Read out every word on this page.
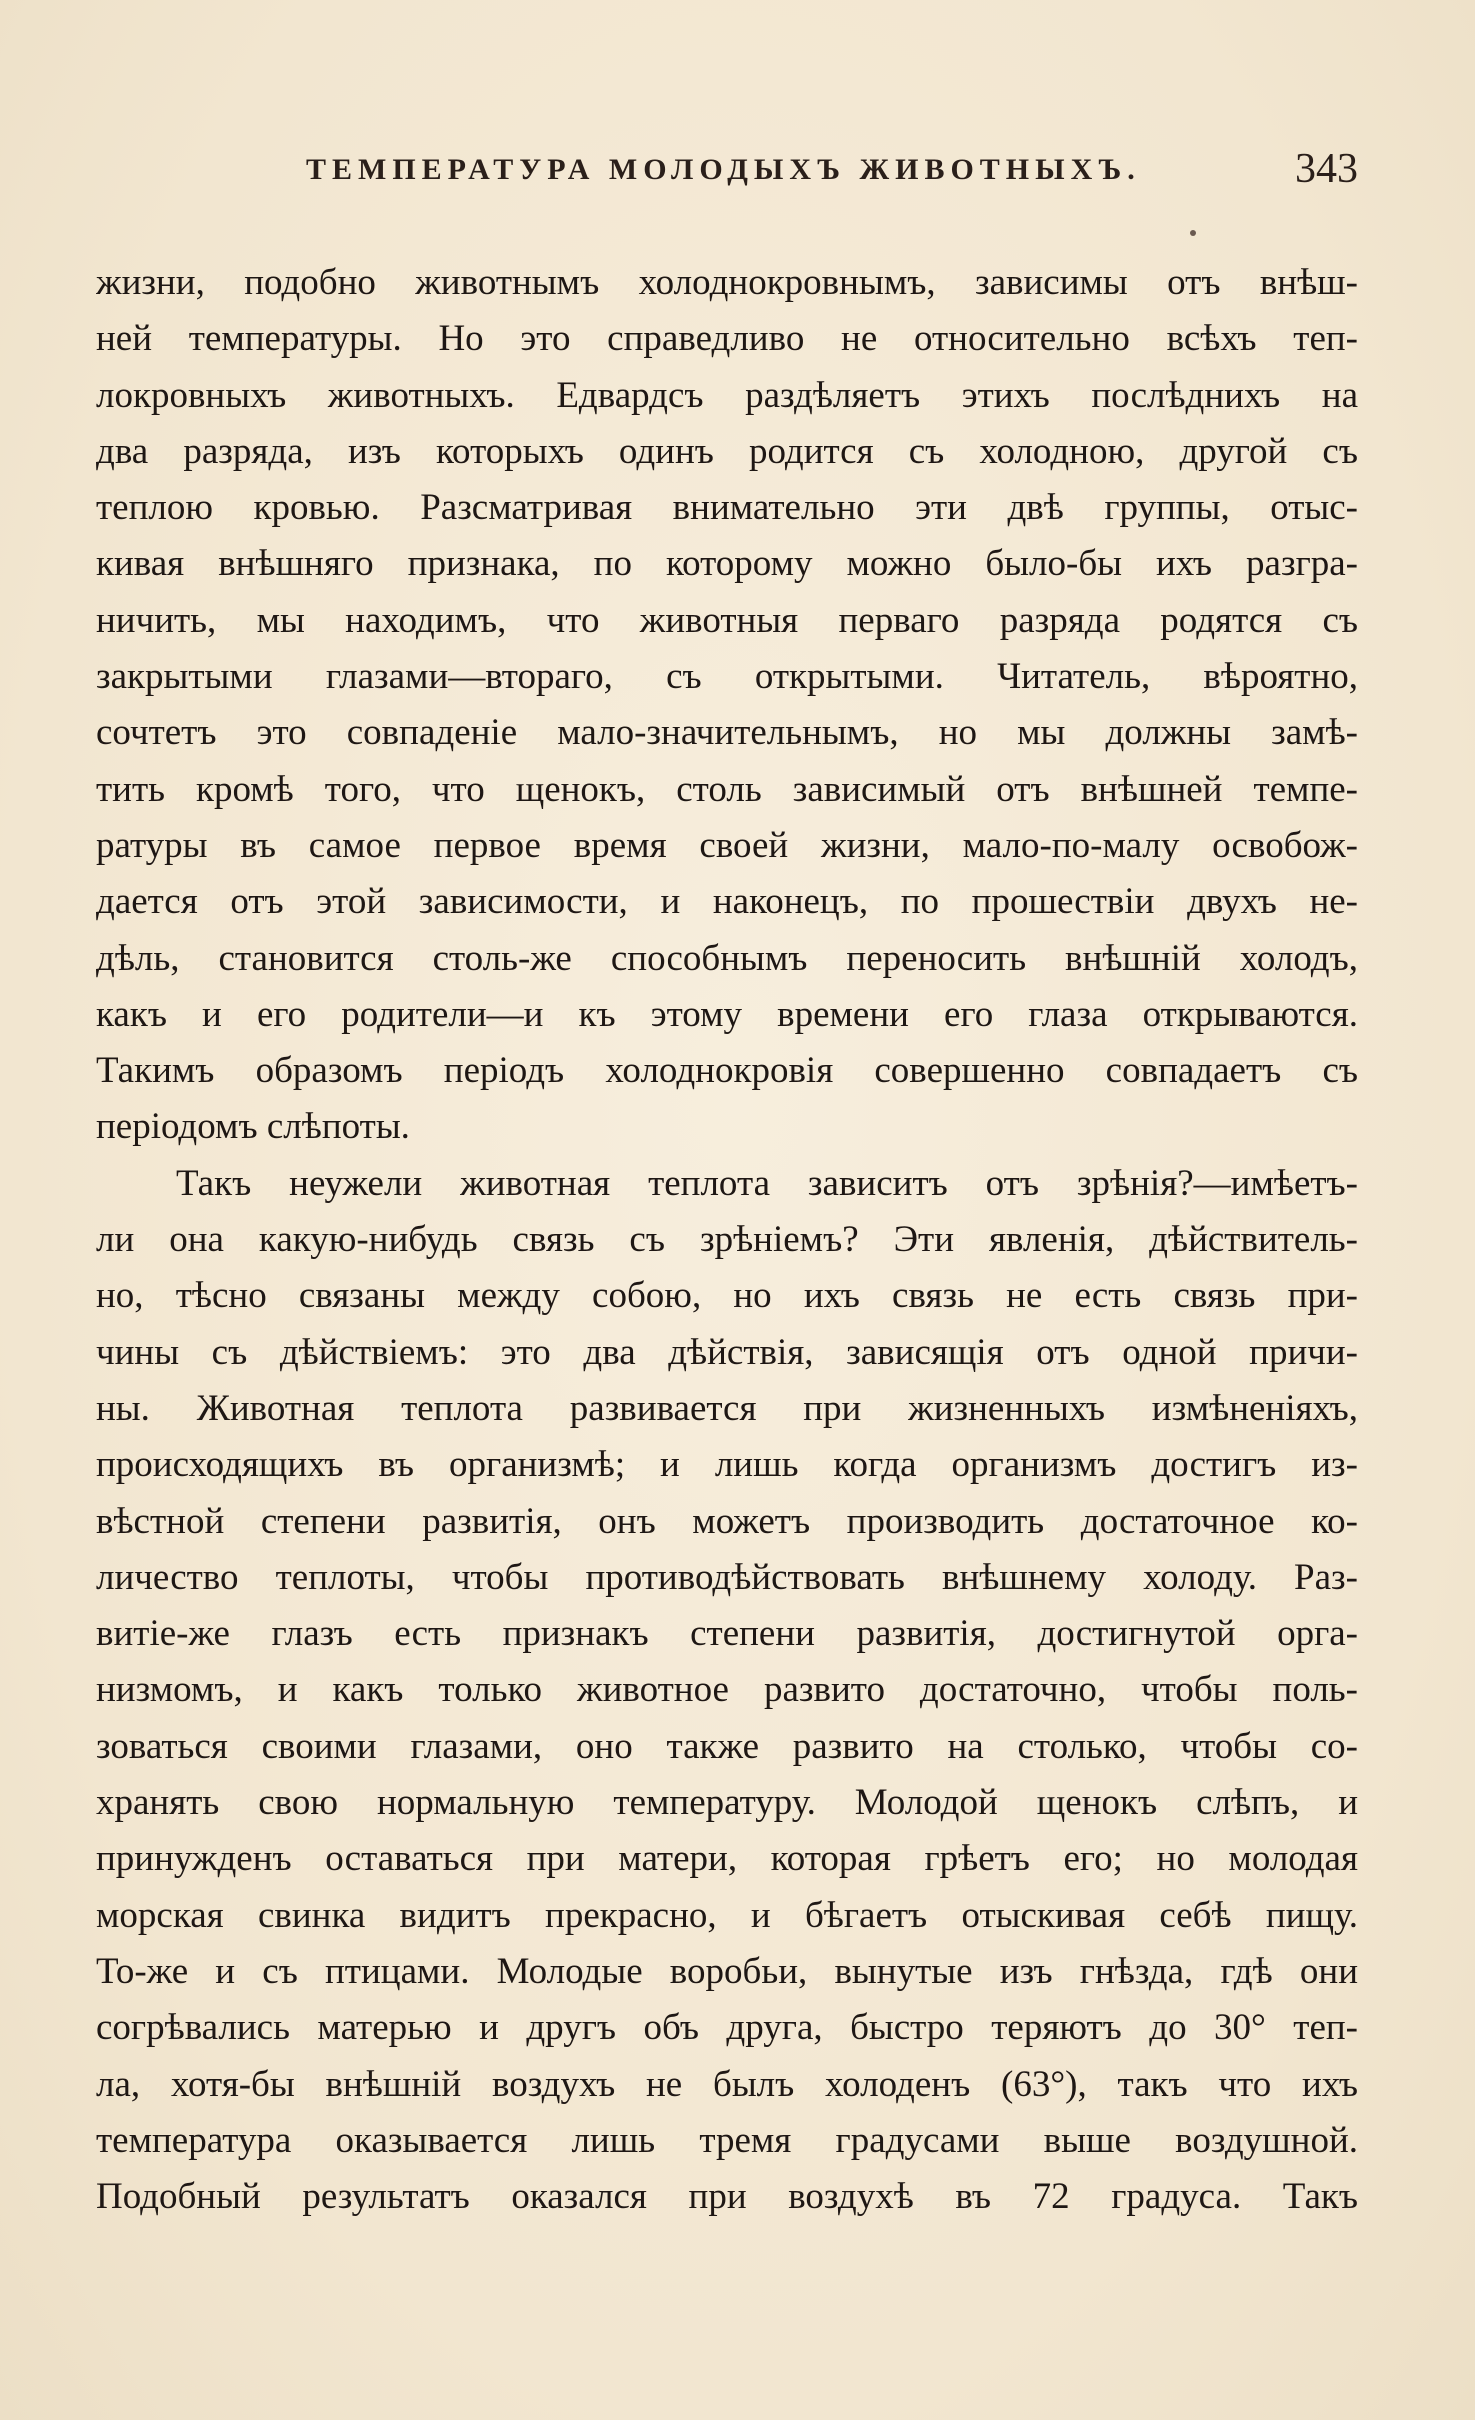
ТЕМПЕРАТУРА МОЛОДЫХЪ ЖИВОТНЫХЪ.	343
жизни, подобно животнымъ холоднокровнымъ, зависимы отъ внѣш-
ней температуры. Но это справедливо не относительно всѣхъ теп-
локровныхъ животныхъ. Едвардсъ раздѣляетъ этихъ послѣднихъ на
два разряда, изъ которыхъ одинъ родится съ холодною, другой съ
теплою кровью. Разсматривая внимательно эти двѣ группы, отыс-
кивая внѣшняго признака, по которому можно было-бы ихъ разгра-
ничить, мы находимъ, что животныя перваго разряда родятся съ
закрытыми глазами—втораго, съ открытыми. Читатель, вѣроятно,
сочтетъ это совпаденіе мало-значительнымъ, но мы должны замѣ-
тить кромѣ того, что щенокъ, столь зависимый отъ внѣшней темпе-
ратуры въ самое первое время своей жизни, мало-по-малу освобож-
дается отъ этой зависимости, и наконецъ, по прошествіи двухъ не-
дѣль, становится столь-же способнымъ переносить внѣшній холодъ,
какъ и его родители—и къ этому времени его глаза открываются.
Такимъ образомъ періодъ холоднокровія совершенно совпадаетъ съ
періодомъ слѣпоты.
Такъ неужели животная теплота зависитъ отъ зрѣнія?—имѣетъ-
ли она какую-нибудь связь съ зрѣніемъ? Эти явленія, дѣйствитель-
но, тѣсно связаны между собою, но ихъ связь не есть связь при-
чины съ дѣйствіемъ: это два дѣйствія, зависящія отъ одной причи-
ны. Животная теплота развивается при жизненныхъ измѣненіяхъ,
происходящихъ въ организмѣ; и лишь когда организмъ достигъ из-
вѣстной степени развитія, онъ можетъ производить достаточное ко-
личество теплоты, чтобы противодѣйствовать внѣшнему холоду. Раз-
витіе-же глазъ есть признакъ степени развитія, достигнутой орга-
низмомъ, и какъ только животное развито достаточно, чтобы поль-
зоваться своими глазами, оно также развито на столько, чтобы со-
хранять свою нормальную температуру. Молодой щенокъ слѣпъ, и
принужденъ оставаться при матери, которая грѣетъ его; но молодая
морская свинка видитъ прекрасно, и бѣгаетъ отыскивая себѣ пищу.
То-же и съ птицами. Молодые воробьи, вынутые изъ гнѣзда, гдѣ они
согрѣвались матерью и другъ объ друга, быстро теряютъ до 30° теп-
ла, хотя-бы внѣшній воздухъ не былъ холоденъ (63°), такъ что ихъ
температура оказывается лишь тремя градусами выше воздушной.
Подобный результатъ оказался при воздухѣ въ 72 градуса. Такъ
